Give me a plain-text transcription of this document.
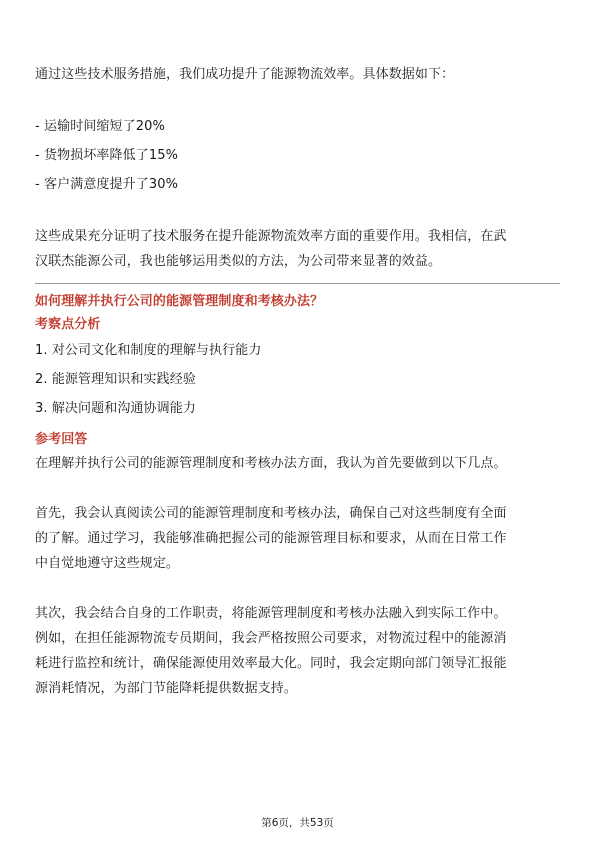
通过这些技术服务措施，我们成功提升了能源物流效率。具体数据如下：

- 运输时间缩短了20%

- 货物损坏率降低了15%

- 客户满意度提升了30%

这些成果充分证明了技术服务在提升能源物流效率方面的重要作用。我相信，在武

汉联杰能源公司，我也能够运用类似的方法，为公司带来显著的效益。

如何理解并执行公司的能源管理制度和考核办法？

考察点分析

1. 对公司文化和制度的理解与执行能力

2. 能源管理知识和实践经验

3. 解决问题和沟通协调能力

参考回答

在理解并执行公司的能源管理制度和考核办法方面，我认为首先要做到以下几点。

首先，我会认真阅读公司的能源管理制度和考核办法，确保自己对这些制度有全面

的了解。通过学习，我能够准确把握公司的能源管理目标和要求，从而在日常工作

中自觉地遵守这些规定。

其次，我会结合自身的工作职责，将能源管理制度和考核办法融入到实际工作中。

例如，在担任能源物流专员期间，我会严格按照公司要求，对物流过程中的能源消

耗进行监控和统计，确保能源使用效率最大化。同时，我会定期向部门领导汇报能

源消耗情况，为部门节能降耗提供数据支持。

第6页，共53页
